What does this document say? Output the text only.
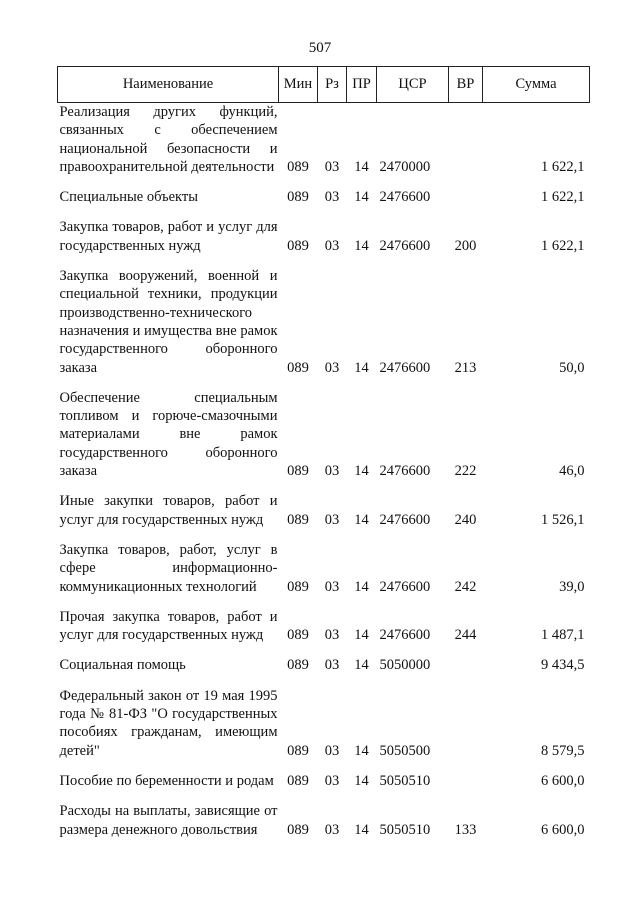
507
Наименование	Мин	Рз	ПР	ЦСР	ВР	Сумма
Реализация других функций, связанных с обеспечением национальной безопасности и правоохранительной деятельности	089	03	14	2470000		1 622,1

Специальные объекты	089	03	14	2476600		1 622,1

Закупка товаров, работ и услуг для государственных нужд	089	03	14	2476600	200	1 622,1

Закупка вооружений, военной и специальной техники, продукции производственно-технического назначения и имущества вне рамок государственного оборонного заказа	089	03	14	2476600	213	50,0

Обеспечение специальным топливом и горюче-смазочными материалами вне рамок государственного оборонного заказа	089	03	14	2476600	222	46,0

Иные закупки товаров, работ и услуг для государственных нужд	089	03	14	2476600	240	1 526,1

Закупка товаров, работ, услуг в сфере информационно-коммуникационных технологий	089	03	14	2476600	242	39,0

Прочая закупка товаров, работ и услуг для государственных нужд	089	03	14	2476600	244	1 487,1

Социальная помощь	089	03	14	5050000		9 434,5

Федеральный закон от 19 мая 1995 года № 81-ФЗ "О государственных пособиях гражданам, имеющим детей"	089	03	14	5050500		8 579,5

Пособие по беременности и родам	089	03	14	5050510		6 600,0

Расходы на выплаты, зависящие от размера денежного довольствия	089	03	14	5050510	133	6 600,0
